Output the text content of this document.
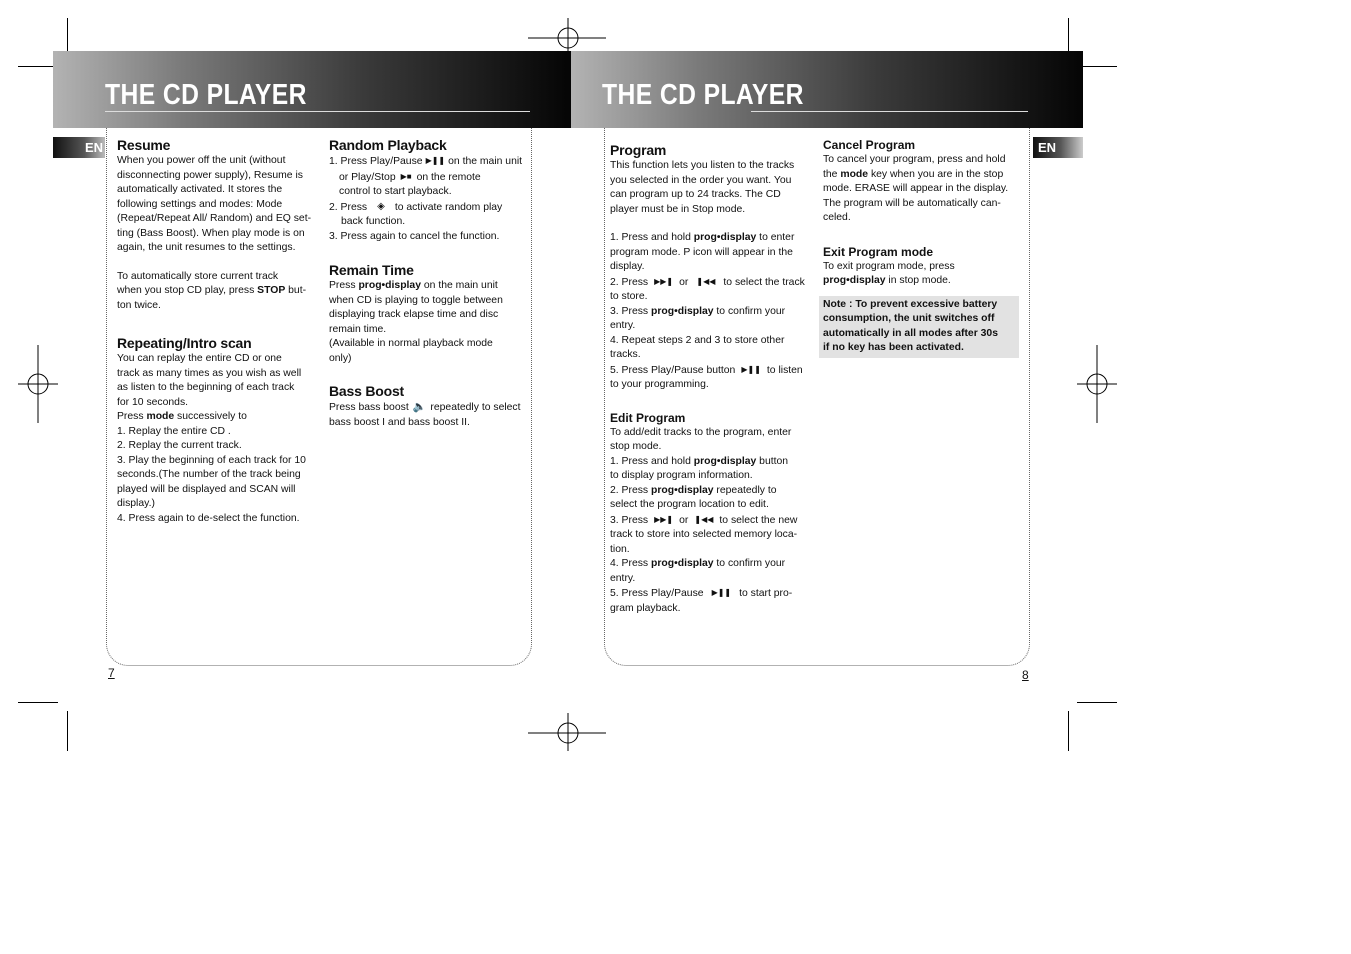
THE CD PLAYER
EN
THE CD PLAYER
EN
Resume

When you power off the unit (without

disconnecting power supply), Resume is

automatically activated. It stores the

following settings and modes: Mode

(Repeat/Repeat All/ Random) and EQ set-

ting (Bass Boost). When play mode is on

again, the unit resumes to the settings.

To automatically store current track

when you stop CD play, press STOP but-

ton twice.

Repeating/Intro scan

You can replay the entire CD or one

track as many times as you wish as well

as listen to the beginning of each track

for 10 seconds.

Press mode successively to

1. Replay the entire CD .

2. Replay the current track.

3. Play the beginning of each track for 10

seconds.(The number of the track being

played will be displayed and SCAN will

display.)

4. Press again to de-select the function.

Random Playback

1. Press Play/Pause ▶❚❚ on the main unit

or Play/Stop ▶■ on the remote

control to start playback.

2. Press ◈ to activate random play

back function.

3. Press again to cancel the function.

Remain Time

Press prog•display on the main unit

when CD is playing to toggle between

displaying track elapse time and disc

remain time.

(Available in normal playback mode

only)

Bass Boost

Press bass boost 🔈 repeatedly to select

bass boost I and bass boost II.

Program

This function lets you listen to the tracks

you selected in the order you want. You

can program up to 24 tracks. The CD

player must be in Stop mode.

1. Press and hold prog•display to enter

program mode. P icon will appear in the

display.

2. Press ▶▶❚ or ❚◀◀ to select the track

to store.

3. Press prog•display to confirm your

entry.

4. Repeat steps 2 and 3 to store other

tracks.

5. Press Play/Pause button ▶❚❚ to listen

to your programming.

Edit Program

To add/edit tracks to the program, enter

stop mode.

1. Press and hold prog•display button

to display program information.

2. Press prog•display repeatedly to

select the program location to edit.

3. Press ▶▶❚ or ❚◀◀ to select the new

track to store into selected memory loca-

tion.

4. Press prog•display to confirm your

entry.

5. Press Play/Pause ▶❚❚ to start pro-

gram playback.

Cancel Program

To cancel your program, press and hold

the mode key when you are in the stop

mode. ERASE will appear in the display.

The program will be automatically can-

celed.

Exit Program mode

To exit program mode, press

prog•display in stop mode.

Note : To prevent excessive battery

consumption, the unit switches off

automatically in all modes after 30s

if no key has been activated.

7	8
